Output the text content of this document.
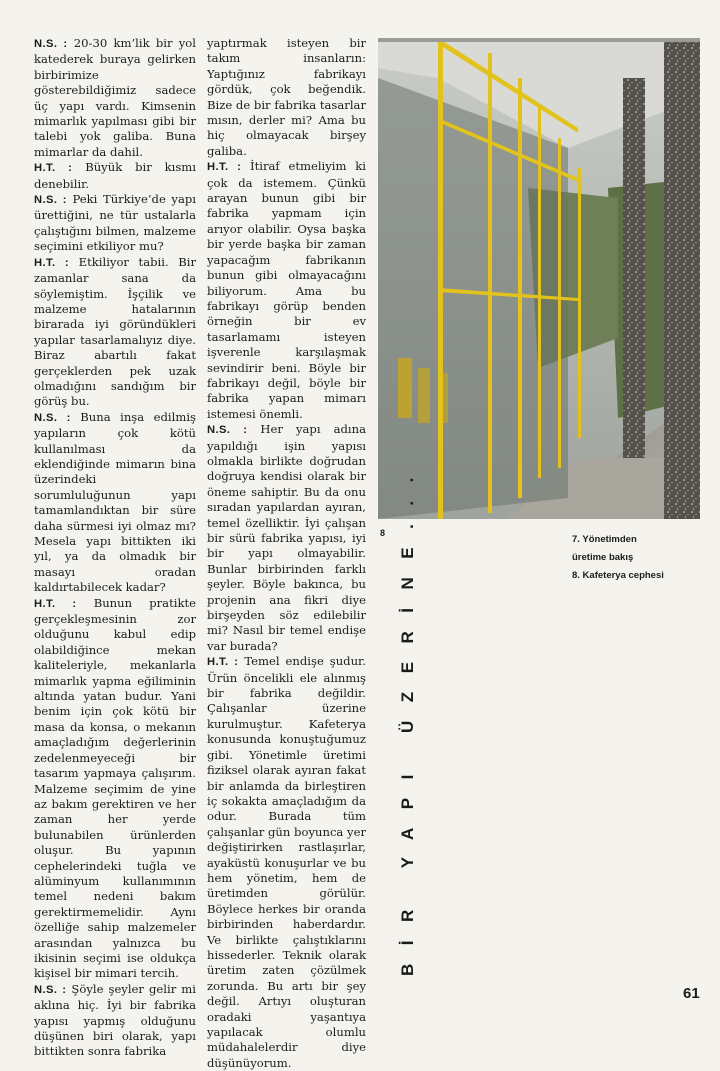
N.S. : 20-30 km’lik bir yol katederek buraya gelirken birbirimize gösterebildiğimiz sadece üç yapı vardı. Kimsenin mimarlık yapılması gibi bir talebi yok galiba. Buna mimarlar da dahil.

H.T. : Büyük bir kısmı denebilir.

N.S. : Peki Türkiye’de yapı ürettiğini, ne tür ustalarla çalıştığını bilmen, malzeme seçimini etkiliyor mu?

H.T. : Etkiliyor tabii. Bir zamanlar sana da söylemiştim. İşçilik ve malzeme hatalarının birarada iyi göründükleri yapılar tasarlamalıyız diye. Biraz abartılı fakat gerçeklerden pek uzak olmadığını sandığım bir görüş bu.

N.S. : Buna inşa edilmiş yapıların çok kötü kullanılması da eklendiğinde mimarın bina üzerindeki sorumluluğunun yapı tamamlandıktan bir süre daha sürmesi iyi olmaz mı? Mesela yapı bittikten iki yıl, ya da olmadık bir masayı oradan kaldırtabilecek kadar?

H.T. : Bunun pratikte gerçekleşmesinin zor olduğunu kabul edip olabildiğince mekan kaliteleriyle, mekanlarla mimarlık yapma eğiliminin altında yatan budur. Yani benim için çok kötü bir masa da konsa, o mekanın amaçladığım değerlerinin zedelenmeyeceği bir tasarım yapmaya çalışırım. Malzeme seçimim de yine az bakım gerektiren ve her zaman her yerde bulunabilen ürünlerden oluşur. Bu yapının cephelerindeki tuğla ve alüminyum kullanımının temel nedeni bakım gerektirmemelidir. Aynı özelliğe sahip malzemeler arasından yalnızca bu ikisinin seçimi ise oldukça kişisel bir mimari tercih.

N.S. : Şöyle şeyler gelir mi aklına hiç. İyi bir fabrika yapısı yapmış olduğunu düşünen biri olarak, yapı bittikten sonra fabrika

yaptırmak isteyen bir takım insanların: Yaptığınız fabrikayı gördük, çok beğendik. Bize de bir fabrika tasarlar mısın, derler mi? Ama bu hiç olmayacak birşey galiba.

H.T. : İtiraf etmeliyim ki çok da istemem. Çünkü arayan bunun gibi bir fabrika yapmam için arıyor olabilir. Oysa başka bir yerde başka bir zaman yapacağım fabrikanın bunun gibi olmayacağını biliyorum. Ama bu fabrikayı görüp benden örneğin bir ev tasarlamamı isteyen işverenle karşılaşmak sevindirir beni. Böyle bir fabrikayı değil, böyle bir fabrika yapan mimarı istemesi önemli.

N.S. : Her yapı adına yapıldığı işin yapısı olmakla birlikte doğrudan doğruya kendisi olarak bir öneme sahiptir. Bu da onu sıradan yapılardan ayıran, temel özelliktir. İyi çalışan bir sürü fabrika yapısı, iyi bir yapı olmayabilir. Bunlar birbirinden farklı şeyler. Böyle bakınca, bu projenin ana fikri diye birşeyden söz edilebilir mi? Nasıl bir temel endişe var burada?

H.T. : Temel endişe şudur. Ürün öncelikli ele alınmış bir fabrika değildir. Çalışanlar üzerine kurulmuştur. Kafeterya konusunda konuştuğumuz gibi. Yönetimle üretimi fiziksel olarak ayıran fakat bir anlamda da birleştiren iç sokakta amaçladığım da odur. Burada tüm çalışanlar gün boyunca yer değiştirirken rastlaşırlar, ayaküstü konuşurlar ve bu hem yönetim, hem de üretimden görülür. Böylece herkes bir oranda birbirinden haberdardır. Ve birlikte çalıştıklarını hissederler. Teknik olarak üretim zaten çözülmek zorunda. Bu artı bir şey değil. Artıyı oluşturan oradaki yaşantıya yapılacak olumlu müdahalelerdir diye düşünüyorum.

8
7. Yönetimden
üretime bakış
8. Kafeterya cephesi
BİR YAPI ÜZERİNE...
61
